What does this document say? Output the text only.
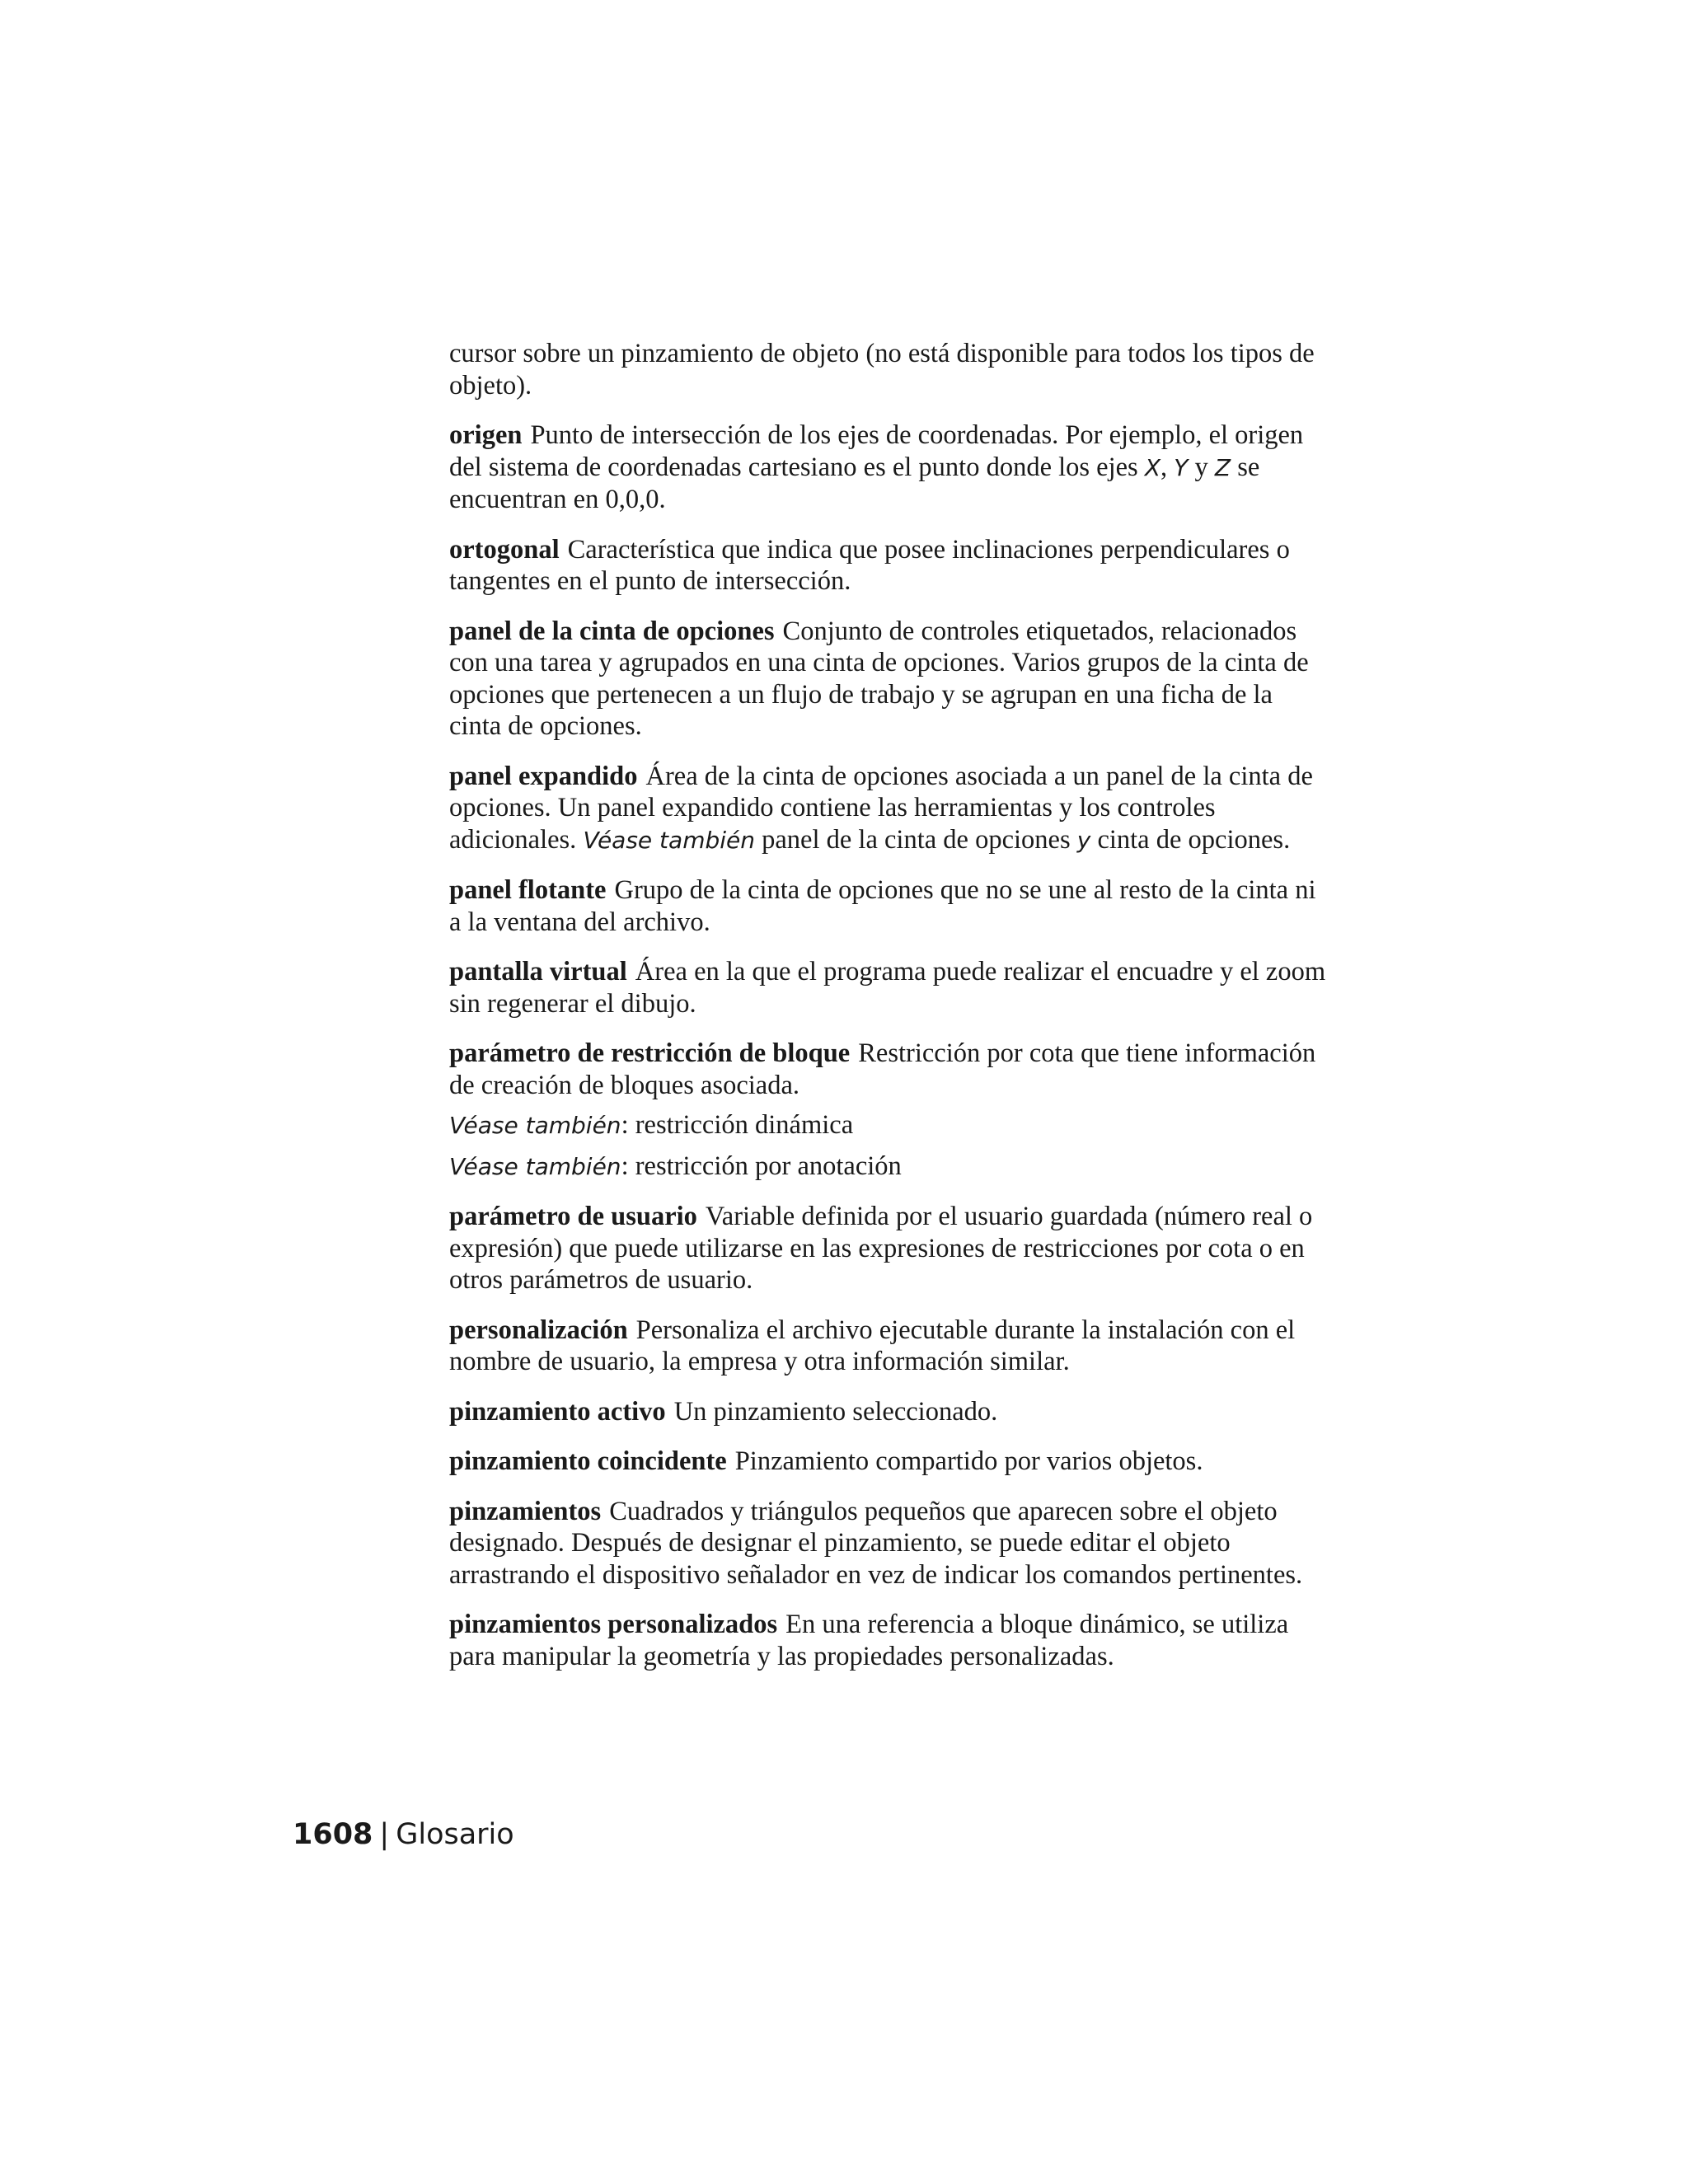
cursor sobre un pinzamiento de objeto (no está disponible para todos los tipos de objeto).

origen Punto de intersección de los ejes de coordenadas. Por ejemplo, el origen del sistema de coordenadas cartesiano es el punto donde los ejes X, Y y Z se encuentran en 0,0,0.

ortogonal Característica que indica que posee inclinaciones perpendiculares o tangentes en el punto de intersección.

panel de la cinta de opciones Conjunto de controles etiquetados, relacionados con una tarea y agrupados en una cinta de opciones. Varios grupos de la cinta de opciones que pertenecen a un flujo de trabajo y se agrupan en una ficha de la cinta de opciones.

panel expandido Área de la cinta de opciones asociada a un panel de la cinta de opciones. Un panel expandido contiene las herramientas y los controles adicionales. Véase también panel de la cinta de opciones y cinta de opciones.

panel flotante Grupo de la cinta de opciones que no se une al resto de la cinta ni a la ventana del archivo.

pantalla virtual Área en la que el programa puede realizar el encuadre y el zoom sin regenerar el dibujo.

parámetro de restricción de bloque Restricción por cota que tiene información de creación de bloques asociada.

Véase también: restricción dinámica

Véase también: restricción por anotación

parámetro de usuario Variable definida por el usuario guardada (número real o expresión) que puede utilizarse en las expresiones de restricciones por cota o en otros parámetros de usuario.

personalización Personaliza el archivo ejecutable durante la instalación con el nombre de usuario, la empresa y otra información similar.

pinzamiento activo Un pinzamiento seleccionado.

pinzamiento coincidente Pinzamiento compartido por varios objetos.

pinzamientos Cuadrados y triángulos pequeños que aparecen sobre el objeto designado. Después de designar el pinzamiento, se puede editar el objeto arrastrando el dispositivo señalador en vez de indicar los comandos pertinentes.

pinzamientos personalizados En una referencia a bloque dinámico, se utiliza para manipular la geometría y las propiedades personalizadas.

1608 | Glosario
